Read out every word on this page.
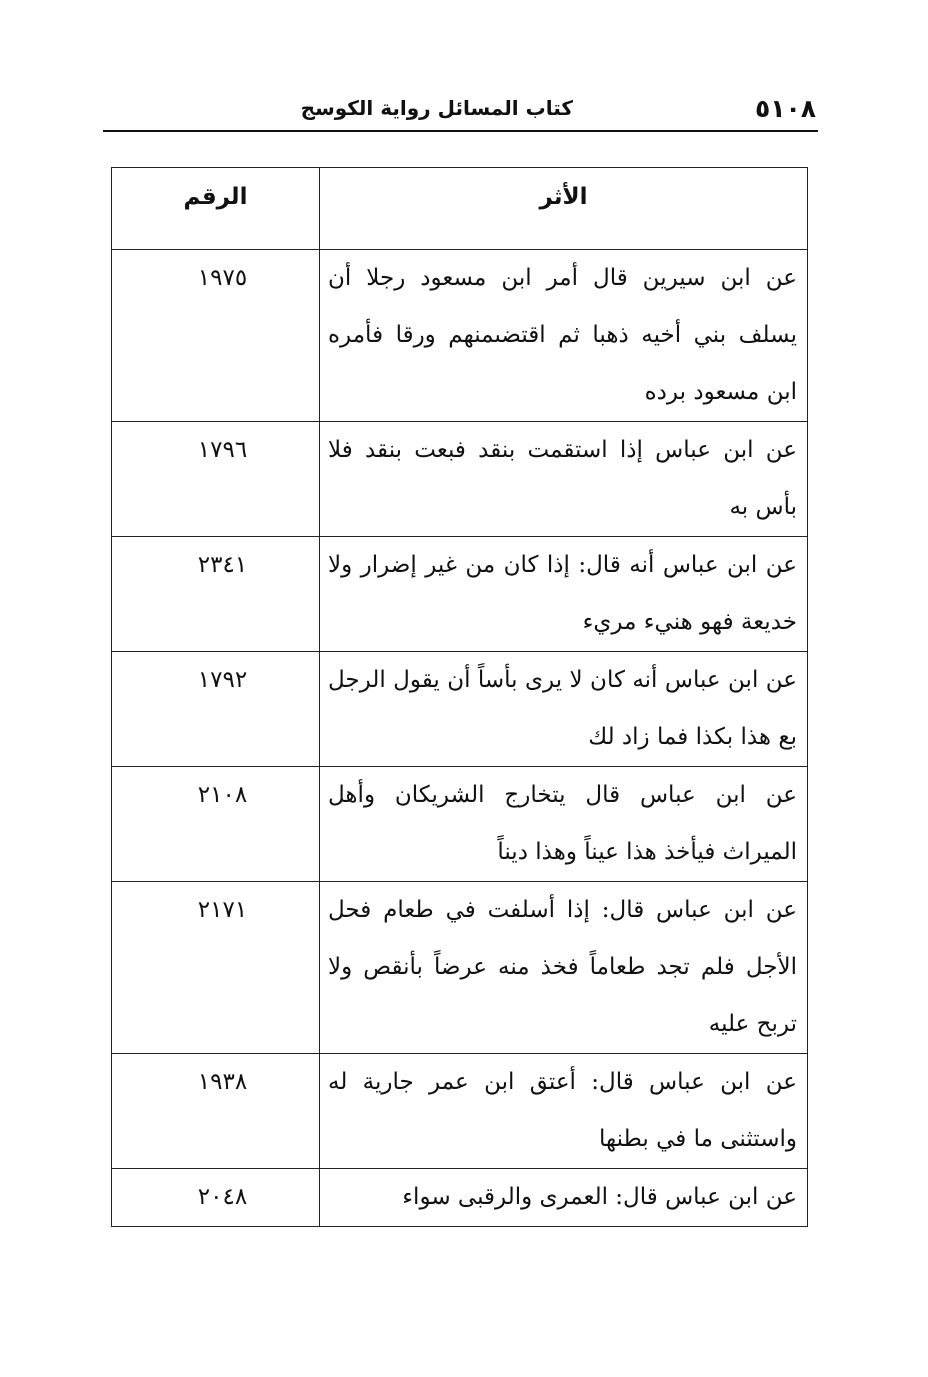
٥١٠٨
كتاب المسائل رواية الكوسج
الأثر	الرقم
عن ابن سيرين قال أمر ابن مسعود رجلا أن يسلف بني أخيه ذهبا ثم اقتضىمنهم ورقا فأمره ابن مسعود برده	١٩٧٥
عن ابن عباس إذا استقمت بنقد فبعت بنقد فلا بأس به	١٧٩٦
عن ابن عباس أنه قال: إذا كان من غير إضرار ولا خديعة فهو هنيء مريء	٢٣٤١
عن ابن عباس أنه كان لا يرى بأساً أن يقول الرجل بع هذا بكذا فما زاد لك	١٧٩٢
عن ابن عباس قال يتخارج الشريكان وأهل الميراث فيأخذ هذا عيناً وهذا ديناً	٢١٠٨
عن ابن عباس قال: إذا أسلفت في طعام فحل الأجل فلم تجد طعاماً فخذ منه عرضاً بأنقص ولا تربح عليه	٢١٧١
عن ابن عباس قال: أعتق ابن عمر جارية له واستثنى ما في بطنها	١٩٣٨
عن ابن عباس قال: العمرى والرقبى سواء	٢٠٤٨
